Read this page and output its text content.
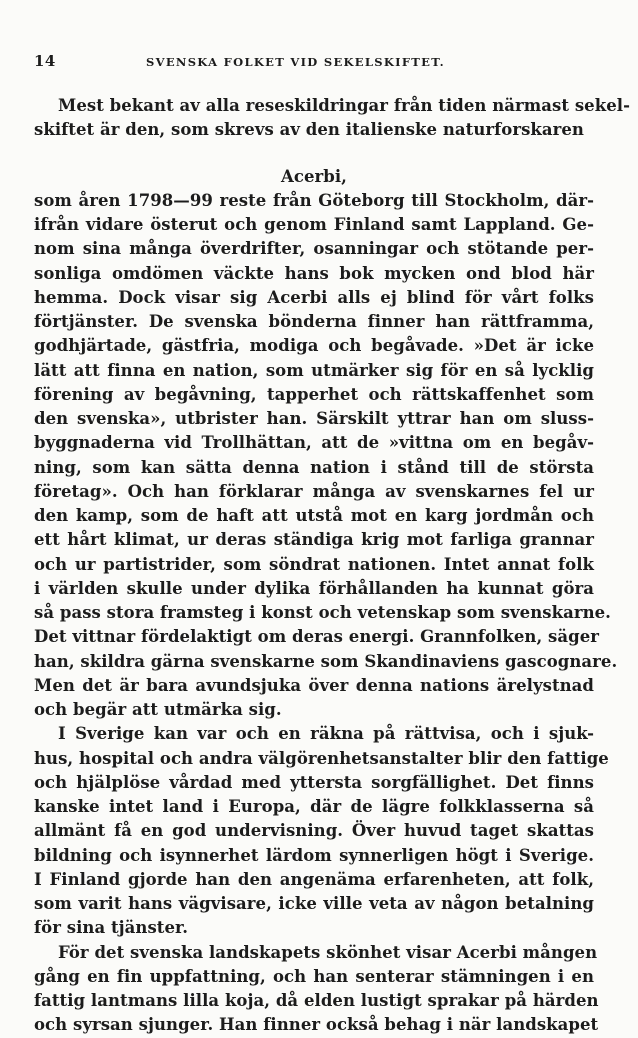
14	SVENSKA FOLKET VID SEKELSKIFTET.
Mest bekant av alla reseskildringar från tiden närmast sekel-
skiftet är den, som skrevs av den italienske naturforskaren
Acerbi,
som åren 1798—99 reste från Göteborg till Stockholm, där-
ifrån vidare österut och genom Finland samt Lappland. Ge-
nom sina många överdrifter, osanningar och stötande per-
sonliga omdömen väckte hans bok mycken ond blod här
hemma. Dock visar sig Acerbi alls ej blind för vårt folks
förtjänster. De svenska bönderna finner han rättframma,
godhjärtade, gästfria, modiga och begåvade. »Det är icke
lätt att finna en nation, som utmärker sig för en så lycklig
förening av begåvning, tapperhet och rättskaffenhet som
den svenska», utbrister han. Särskilt yttrar han om sluss-
byggnaderna vid Trollhättan, att de »vittna om en begåv-
ning, som kan sätta denna nation i stånd till de största
företag». Och han förklarar många av svenskarnes fel ur
den kamp, som de haft att utstå mot en karg jordmån och
ett hårt klimat, ur deras ständiga krig mot farliga grannar
och ur partistrider, som söndrat nationen. Intet annat folk
i världen skulle under dylika förhållanden ha kunnat göra
så pass stora framsteg i konst och vetenskap som svenskarne.
Det vittnar fördelaktigt om deras energi. Grannfolken, säger
han, skildra gärna svenskarne som Skandinaviens gascognare.
Men det är bara avundsjuka över denna nations ärelystnad
och begär att utmärka sig.
I Sverige kan var och en räkna på rättvisa, och i sjuk-
hus, hospital och andra välgörenhetsanstalter blir den fattige
och hjälplöse vårdad med yttersta sorgfällighet. Det finns
kanske intet land i Europa, där de lägre folkklasserna så
allmänt få en god undervisning. Över huvud taget skattas
bildning och isynnerhet lärdom synnerligen högt i Sverige.
I Finland gjorde han den angenäma erfarenheten, att folk,
som varit hans vägvisare, icke ville veta av någon betalning
för sina tjänster.
För det svenska landskapets skönhet visar Acerbi mången
gång en fin uppfattning, och han senterar stämningen i en
fattig lantmans lilla koja, då elden lustigt sprakar på härden
och syrsan sjunger. Han finner också behag i när landskapet
